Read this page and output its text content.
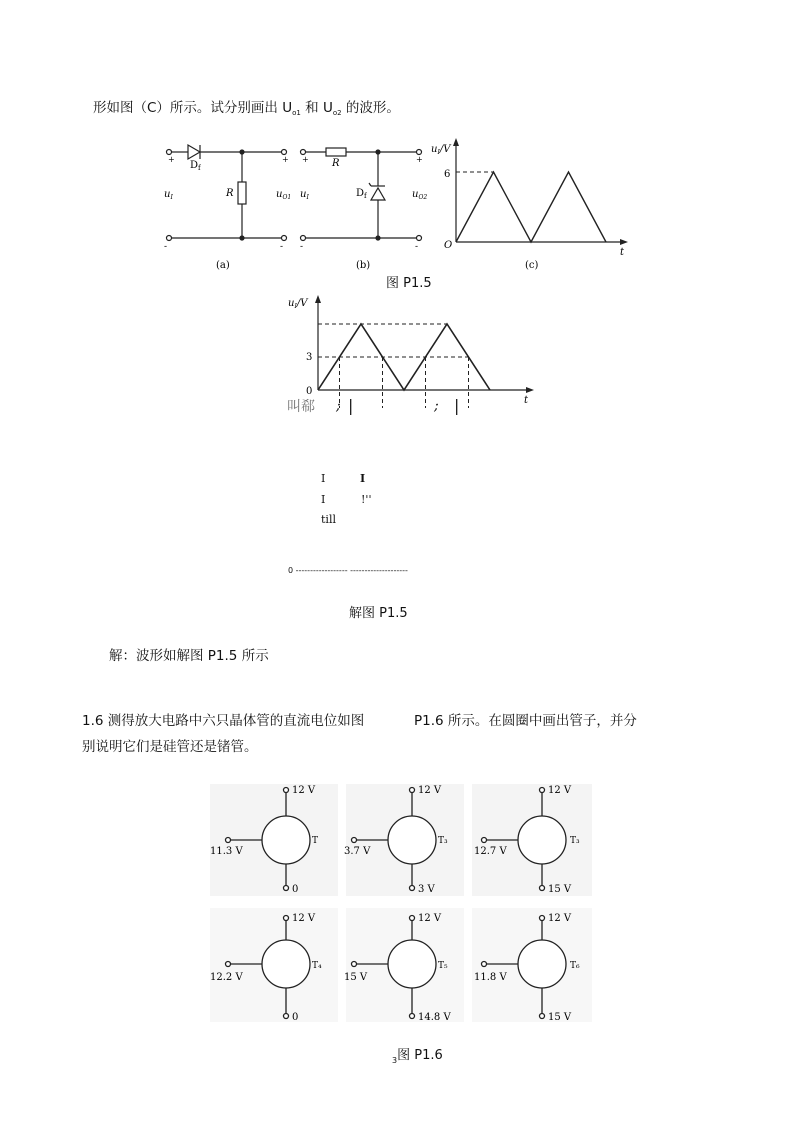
形如图（C）所示。试分别画出 $U_{o1}$ 和 $U_{o2}$ 的波形。
+	+
$D_f$
R
$u_I$	$u_{O1}$
-	-
(a)
+	+
R
$D_f$
$u_I$	$u_{O2}$
-	-
(b)
$u_I/V$
6
O
t
(c)
图 P1.5
$u_I/V$
3
0
t
叫郗 ; |	; |
I	I
I	!''
till
0 ------------------ --------------------
解图 P1.5
解：波形如解图 P1.5 所示
1.6 测得放大电路中六只晶体管的直流电位如图	P1.6 所示。在圆圈中画出管子，并分
别说明它们是硅管还是锗管。
12 V
11.3 V
0
T
12 V
3.7 V
3 V
T₃
12 V
12.7 V
15 V
T₃
12 V
12.2 V
0
T₄
12 V
15 V
14.8 V
T₅
12 V
11.8 V
15 V
T₆
$_3$图 P1.6
